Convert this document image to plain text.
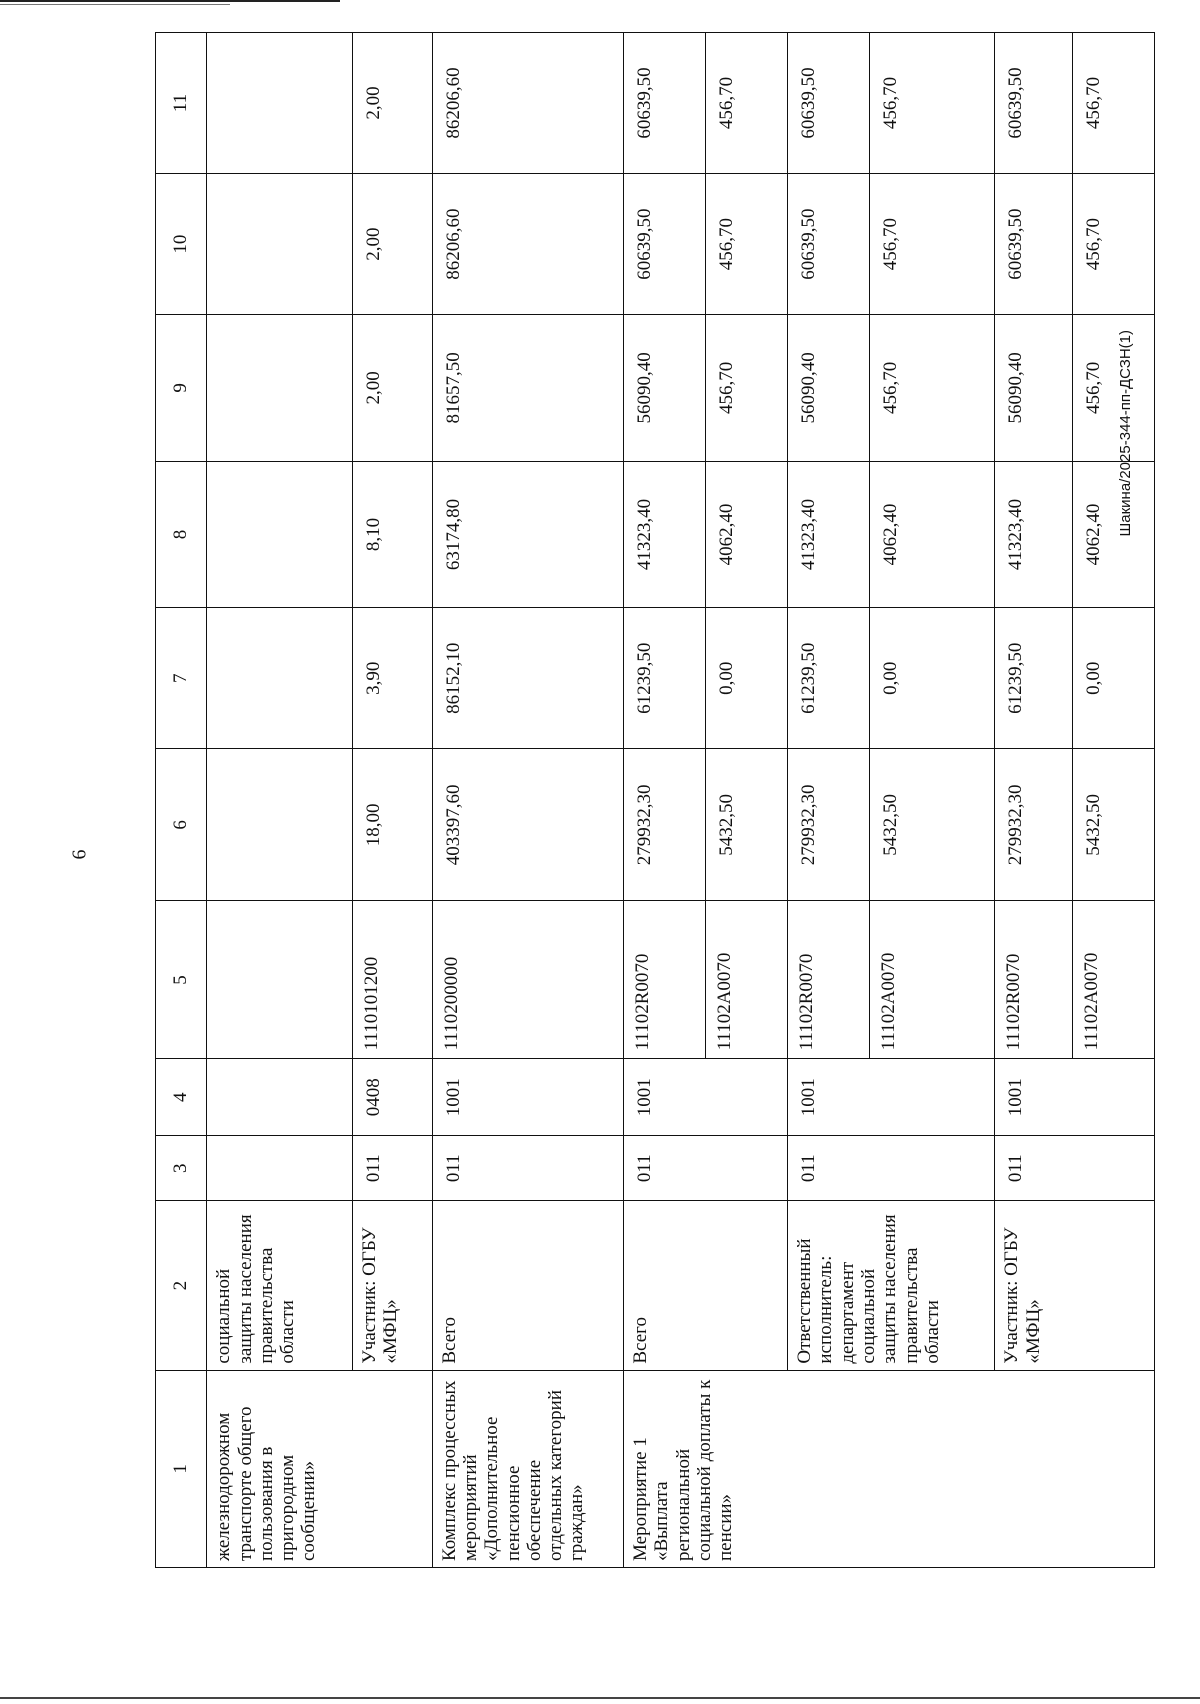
6
Шакина/2025-344-пп-ДСЗН(1)
1	2	3	4	5	6	7	8	9	10	11
железнодорожном транспорте общего пользования в пригородном сообщении»	социальной защиты населения правительства области									
	Участник: ОГБУ «МФЦ»	011	0408	1110101200	18,00	3,90	8,10	2,00	2,00	2,00
Комплекс процессных мероприятий «Дополнительное пенсионное обеспечение отдельных категорий граждан»	Всего	011	1001	1110200000	403397,60	86152,10	63174,80	81657,50	86206,60	86206,60
Мероприятие 1 «Выплата региональной социальной доплаты к пенсии»	Всего	011	1001	11102R0070	279932,30	61239,50	41323,40	56090,40	60639,50	60639,50
				11102A0070	5432,50	0,00	4062,40	456,70	456,70	456,70
	Ответственный исполнитель: департамент социальной защиты населения правительства области	011	1001	11102R0070	279932,30	61239,50	41323,40	56090,40	60639,50	60639,50
				11102A0070	5432,50	0,00	4062,40	456,70	456,70	456,70
	Участник: ОГБУ «МФЦ»	011	1001	11102R0070	279932,30	61239,50	41323,40	56090,40	60639,50	60639,50
				11102A0070	5432,50	0,00	4062,40	456,70	456,70	456,70
